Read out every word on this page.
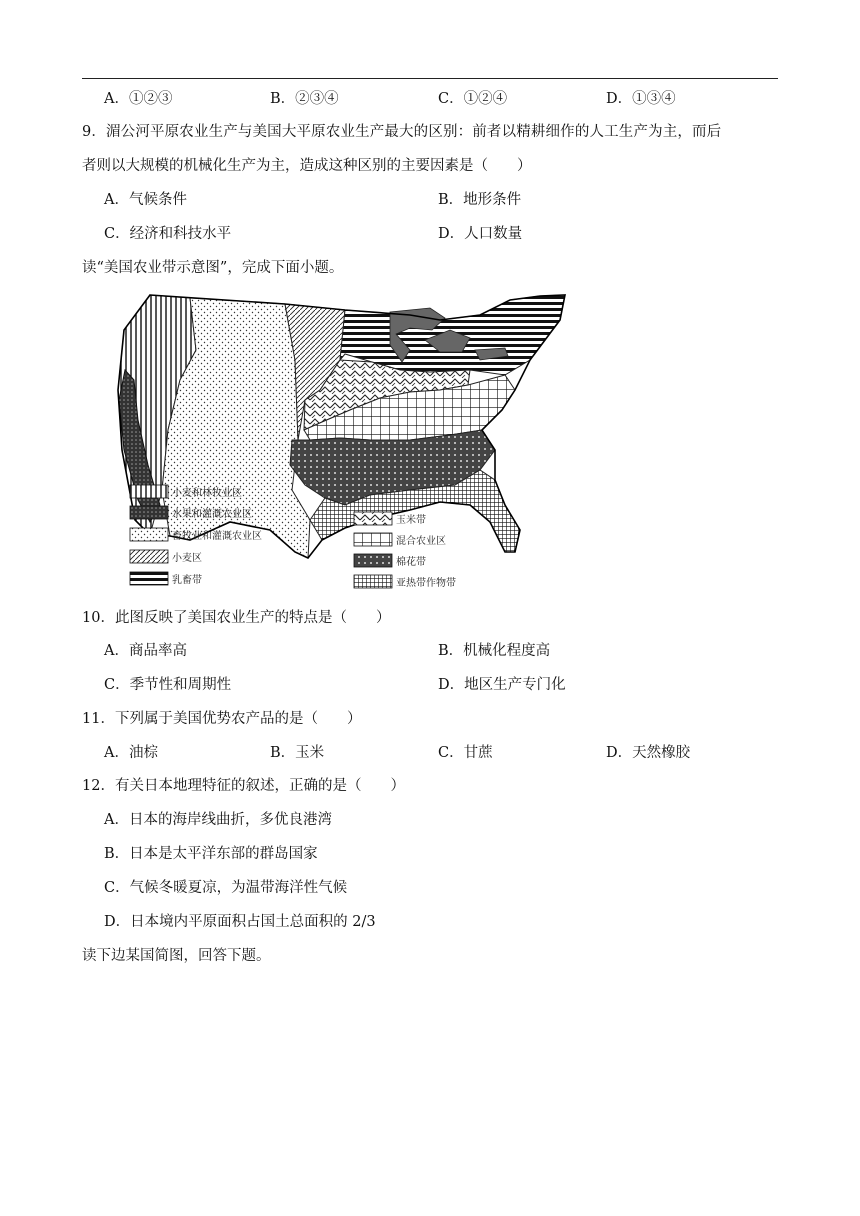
A．①②③	B．②③④	C．①②④	D．①③④
9．湄公河平原农业生产与美国大平原农业生产最大的区别：前者以精耕细作的人工生产为主，而后
者则以大规模的机械化生产为主，造成这种区别的主要因素是（　　）
A．气候条件	B．地形条件
C．经济和科技水平	D．人口数量
读“美国农业带示意图”，完成下面小题。
小麦和林牧业区
水果和灌溉农业区
畜牧业和灌溉农业区
小麦区
乳畜带
玉米带
混合农业区
棉花带
亚热带作物带
10．此图反映了美国农业生产的特点是（　　）
A．商品率高	B．机械化程度高
C．季节性和周期性	D．地区生产专门化
11．下列属于美国优势农产品的是（　　）
A．油棕	B．玉米	C．甘蔗	D．天然橡胶
12．有关日本地理特征的叙述，正确的是（　　）
A．日本的海岸线曲折，多优良港湾
B．日本是太平洋东部的群岛国家
C．气候冬暖夏凉，为温带海洋性气候
D．日本境内平原面积占国土总面积的 2/3
读下边某国简图，回答下题。
